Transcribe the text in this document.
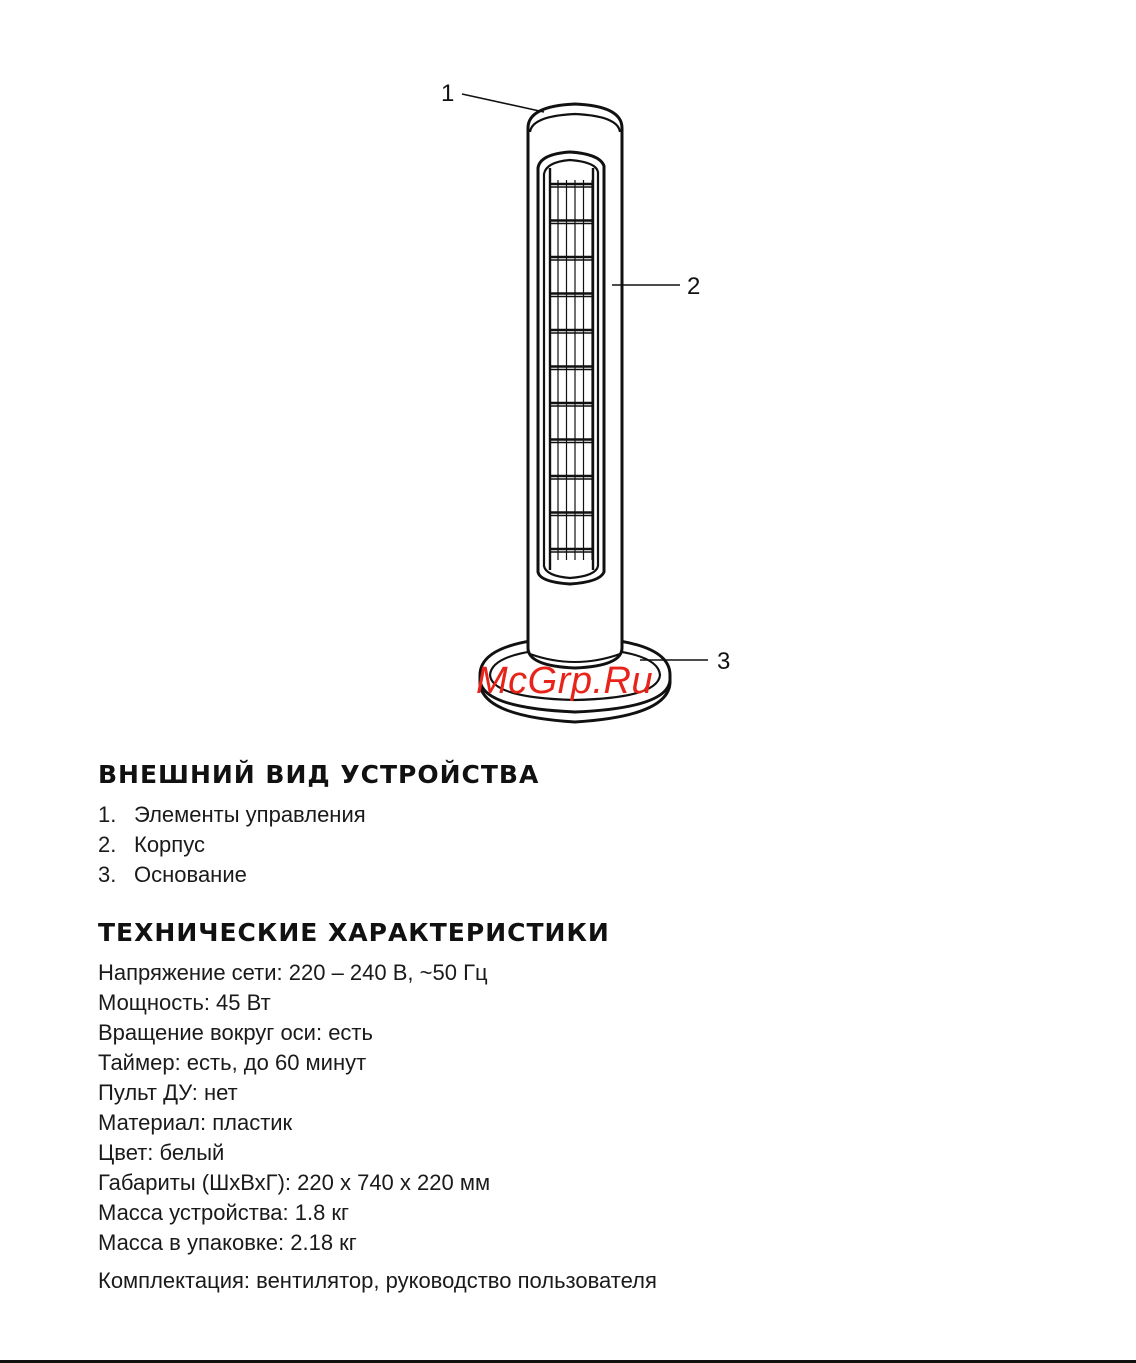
1
2
3
McGrp.Ru
ВНЕШНИЙ ВИД УСТРОЙСТВА
1. Элементы управления
2. Корпус
3. Основание
ТЕХНИЧЕСКИЕ ХАРАКТЕРИСТИКИ
Напряжение сети: 220 – 240 В, ~50 Гц
Мощность: 45 Вт
Вращение вокруг оси: есть
Таймер: есть, до 60 минут
Пульт ДУ: нет
Материал: пластик
Цвет: белый
Габариты (ШхВхГ): 220 х 740 х 220 мм
Масса устройства: 1.8 кг
Масса в упаковке: 2.18 кг
Комплектация: вентилятор, руководство пользователя
